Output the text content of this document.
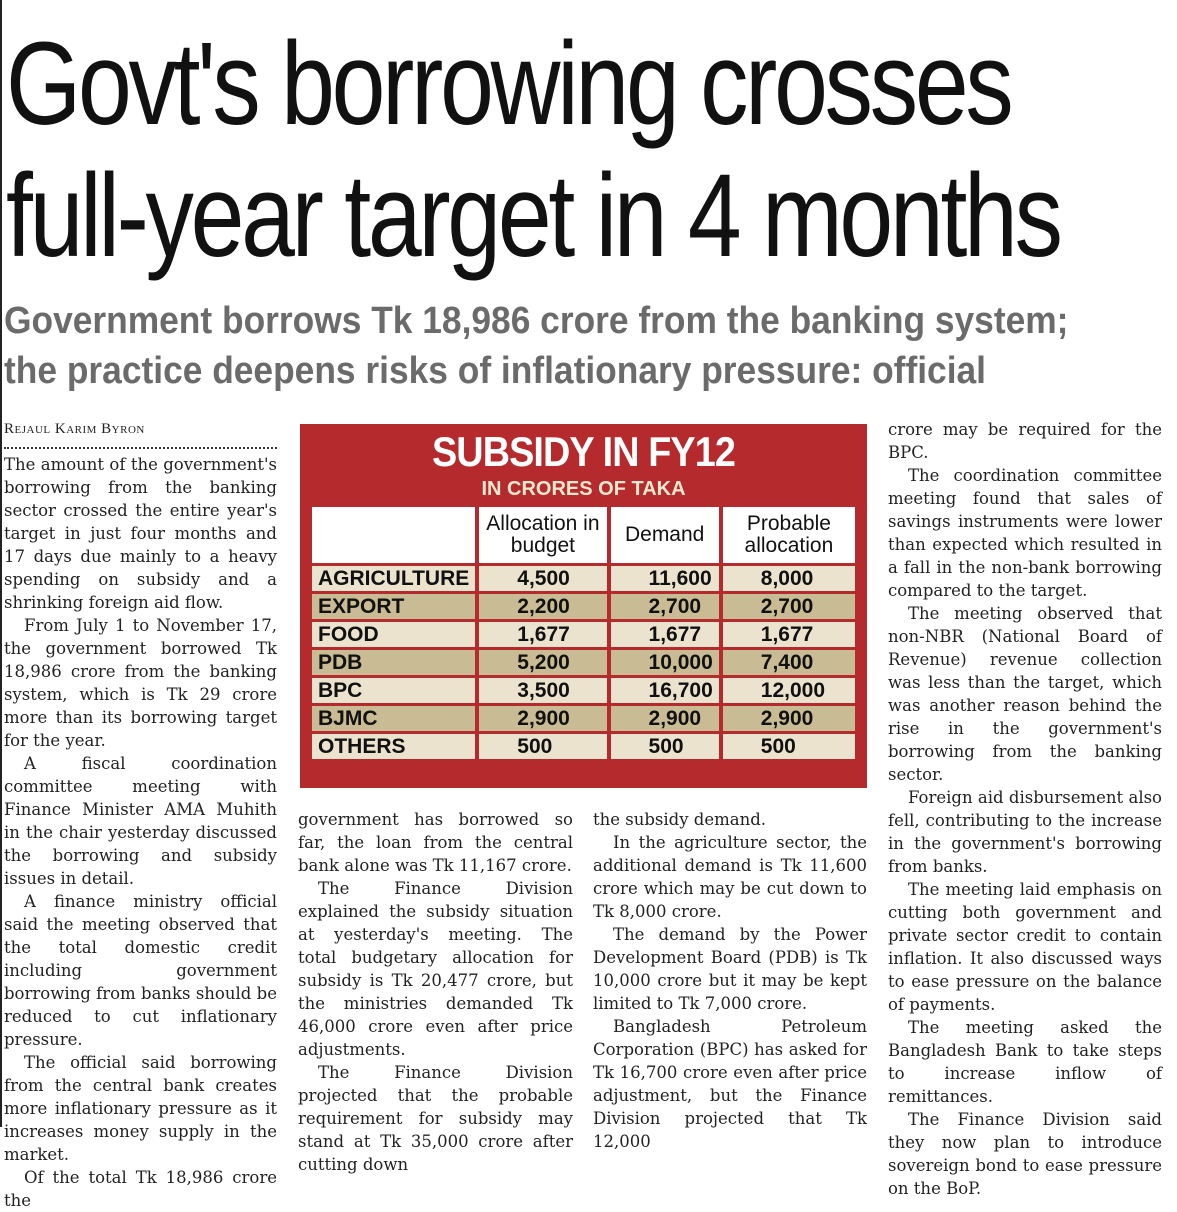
Govt's borrowing crosses
full-year target in 4 months
Government borrows Tk 18,986 crore from the banking system;
the practice deepens risks of inflationary pressure: official
Rejaul Karim Byron

The amount of the government's borrowing from the banking sector crossed the entire year's target in just four months and 17 days due mainly to a heavy spending on subsidy and a shrinking foreign aid flow.

From July 1 to November 17, the government borrowed Tk 18,986 crore from the banking system, which is Tk 29 crore more than its borrowing target for the year.

A fiscal coordination committee meeting with Finance Minister AMA Muhith in the chair yesterday discussed the borrowing and subsidy issues in detail.

A finance ministry official said the meeting observed that the total domestic credit including government borrowing from banks should be reduced to cut inflationary pressure.

The official said borrowing from the central bank creates more inflationary pressure as it increases money supply in the market.

Of the total Tk 18,986 crore the

SUBSIDY IN FY12
IN CRORES OF TAKA
	Allocation in budget	Demand	Probable allocation
AGRICULTURE	4,500	11,600	8,000
EXPORT	2,200	2,700	2,700
FOOD	1,677	1,677	1,677
PDB	5,200	10,000	7,400
BPC	3,500	16,700	12,000
BJMC	2,900	2,900	2,900
OTHERS	500	500	500

government has borrowed so far, the loan from the central bank alone was Tk 11,167 crore.

The Finance Division explained the subsidy situation at yesterday's meeting. The total budgetary allocation for subsidy is Tk 20,477 crore, but the ministries demanded Tk 46,000 crore even after price adjustments.

The Finance Division projected that the probable requirement for subsidy may stand at Tk 35,000 crore after cutting down

the subsidy demand.

In the agriculture sector, the additional demand is Tk 11,600 crore which may be cut down to Tk 8,000 crore.

The demand by the Power Development Board (PDB) is Tk 10,000 crore but it may be kept limited to Tk 7,000 crore.

Bangladesh Petroleum Corporation (BPC) has asked for Tk 16,700 crore even after price adjustment, but the Finance Division projected that Tk 12,000

crore may be required for the BPC.

The coordination committee meeting found that sales of savings instruments were lower than expected which resulted in a fall in the non-bank borrowing compared to the target.

The meeting observed that non-NBR (National Board of Revenue) revenue collection was less than the target, which was another reason behind the rise in the government's borrowing from the banking sector.

Foreign aid disbursement also fell, contributing to the increase in the government's borrowing from banks.

The meeting laid emphasis on cutting both government and private sector credit to contain inflation. It also discussed ways to ease pressure on the balance of payments.

The meeting asked the Bangladesh Bank to take steps to increase inflow of remittances.

The Finance Division said they now plan to introduce sovereign bond to ease pressure on the BoP.
